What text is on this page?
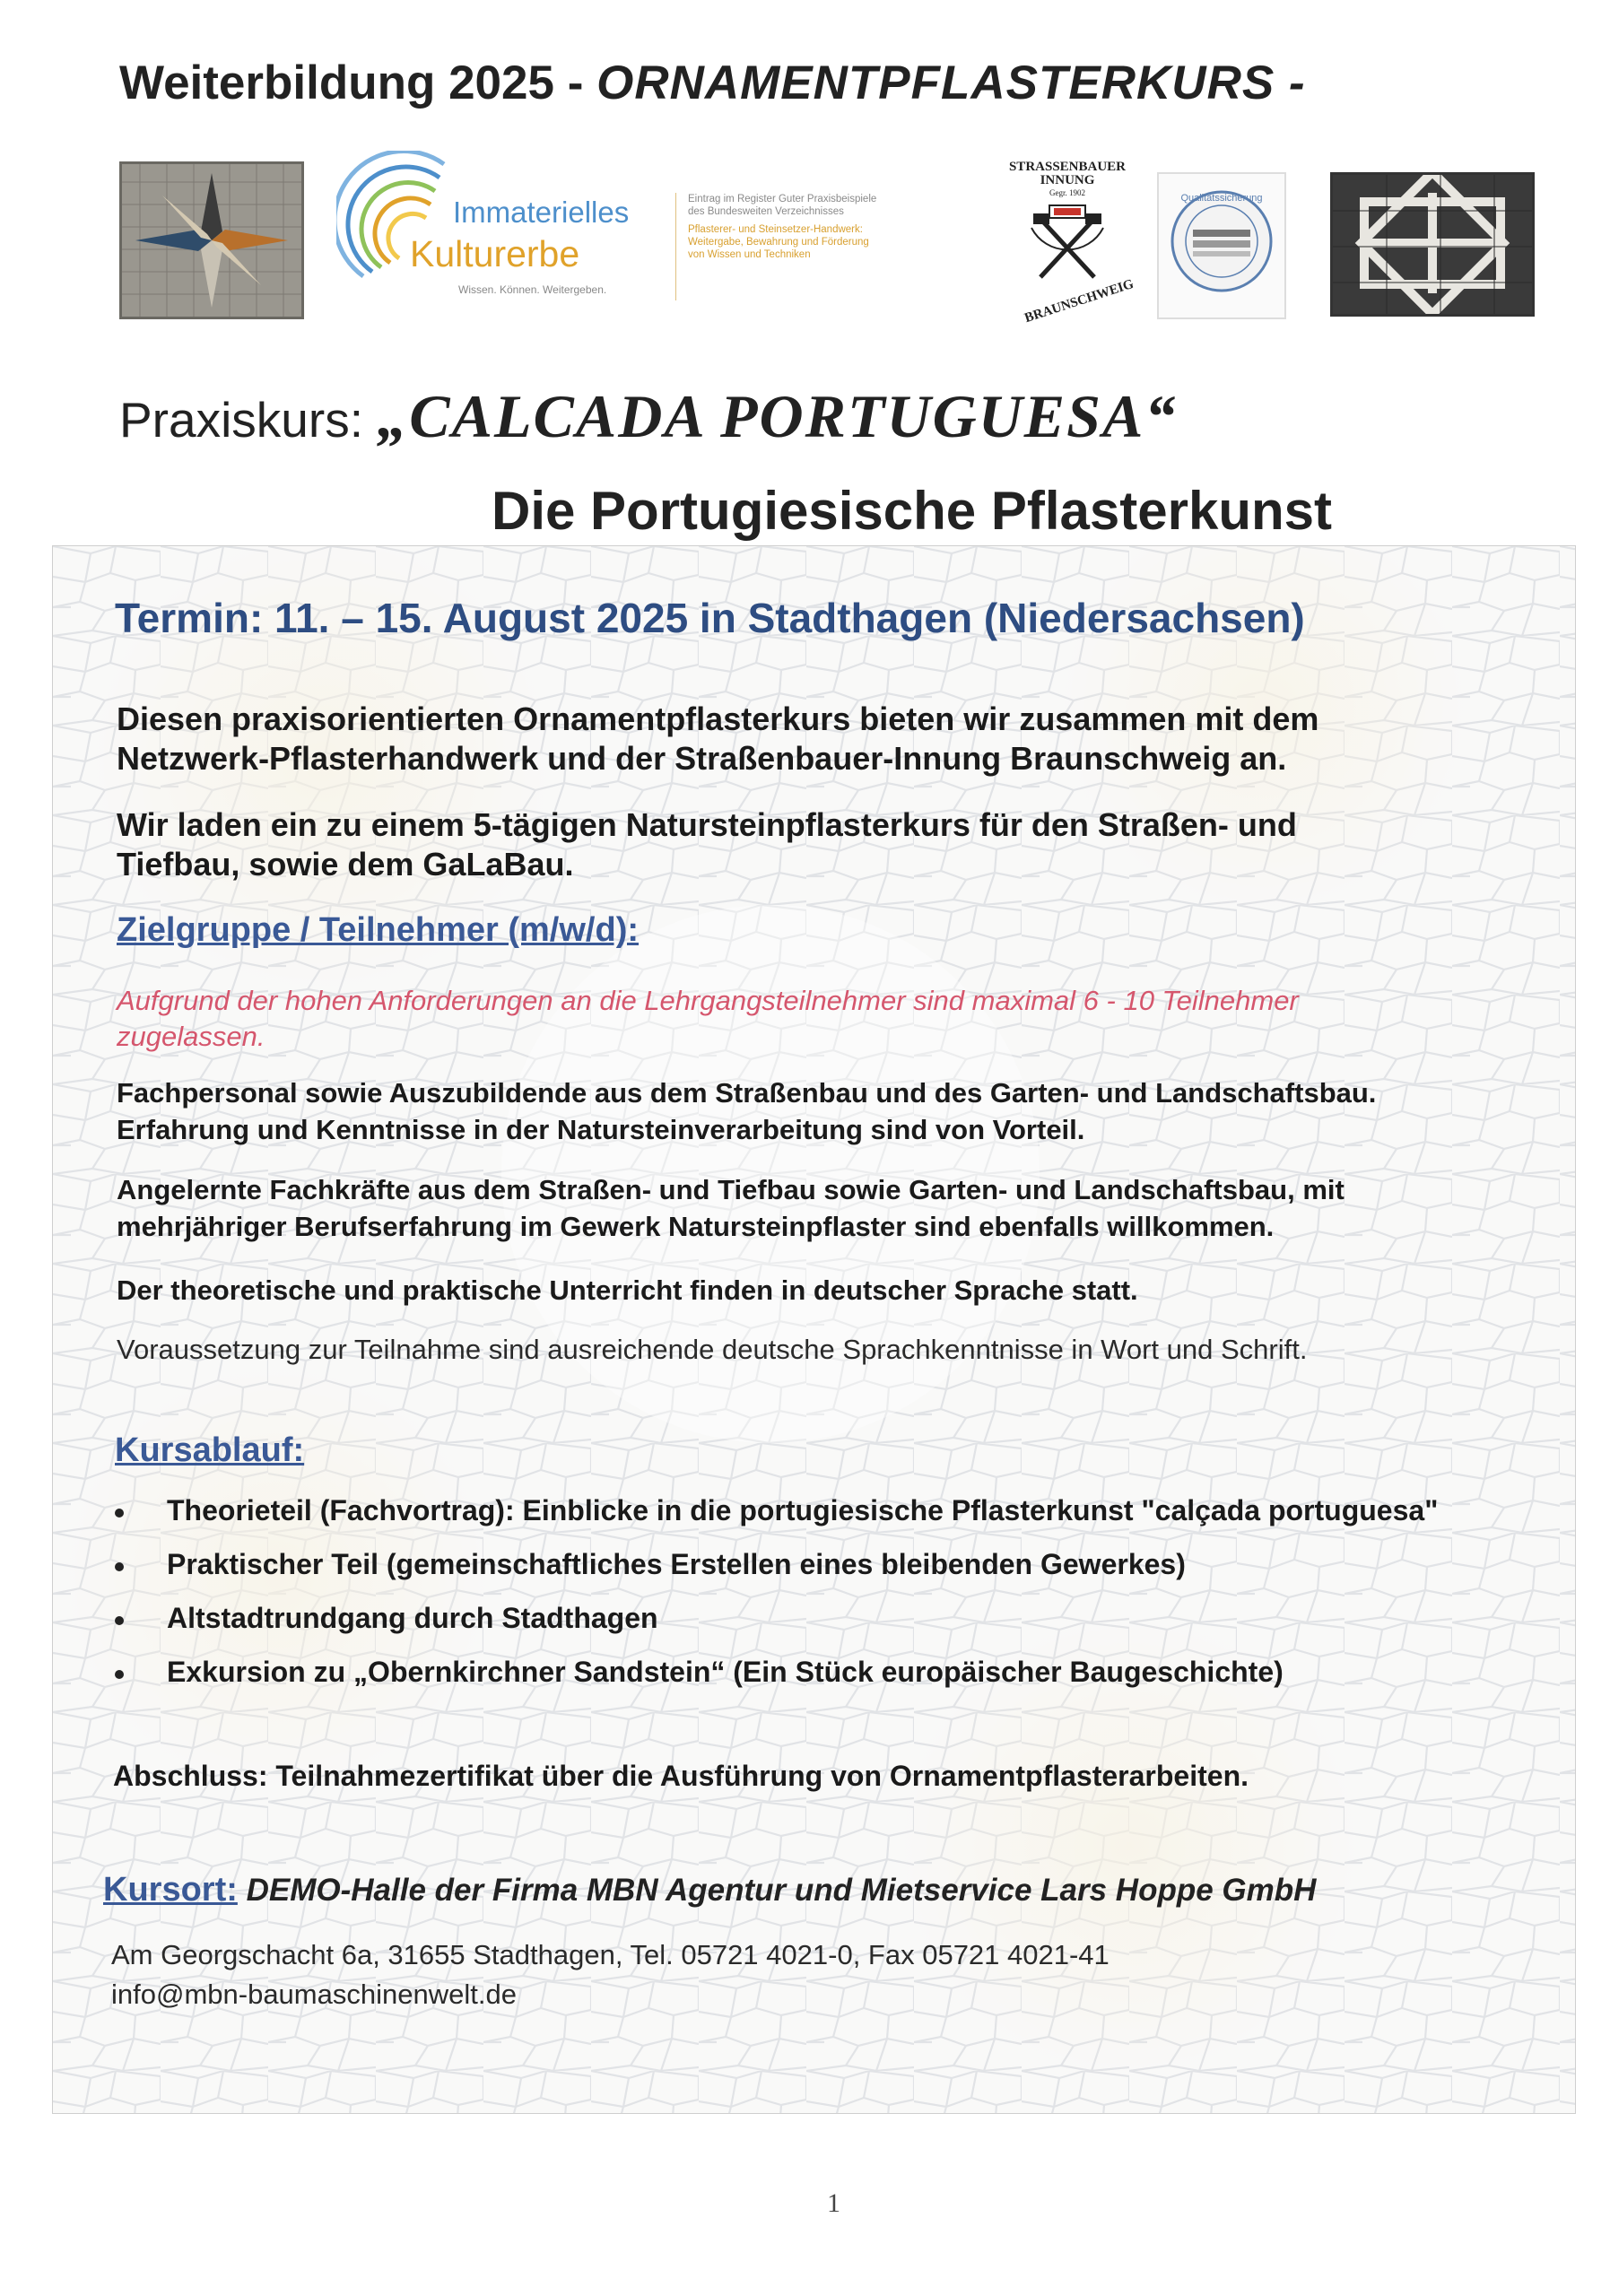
Weiterbildung 2025 - ORNAMENTPFLASTERKURS -
Immaterielles
Kulturerbe
Wissen. Können. Weitergeben.
Eintrag im Register Guter Praxisbeispiele
des Bundesweiten Verzeichnisses
Pflasterer- und Steinsetzer-Handwerk:
Weitergabe, Bewahrung und Förderung
von Wissen und Techniken
STRASSENBAUER
INNUNG
Gegr. 1902
BRAUNSCHWEIG
Qualitätssicherung
Praxiskurs: „CALCADA PORTUGUESA“
Die Portugiesische Pflasterkunst
Termin: 11. – 15. August 2025 in Stadthagen (Niedersachsen)
Diesen praxisorientierten Ornamentpflasterkurs bieten wir zusammen mit dem
Netzwerk-Pflasterhandwerk und der Straßenbauer-Innung Braunschweig an.
Wir laden ein zu einem 5-tägigen Natursteinpflasterkurs für den Straßen- und
Tiefbau, sowie dem GaLaBau.
Zielgruppe / Teilnehmer (m/w/d):
Aufgrund der hohen Anforderungen an die Lehrgangsteilnehmer sind maximal 6 - 10 Teilnehmer
zugelassen.
Fachpersonal sowie Auszubildende aus dem Straßenbau und des Garten- und Landschaftsbau.
Erfahrung und Kenntnisse in der Natursteinverarbeitung sind von Vorteil.
Angelernte Fachkräfte aus dem Straßen- und Tiefbau sowie Garten- und Landschaftsbau, mit
mehrjähriger Berufserfahrung im Gewerk Natursteinpflaster sind ebenfalls willkommen.
Der theoretische und praktische Unterricht finden in deutscher Sprache statt.
Voraussetzung zur Teilnahme sind ausreichende deutsche Sprachkenntnisse in Wort und Schrift.
Kursablauf:
Theorieteil (Fachvortrag): Einblicke in die portugiesische Pflasterkunst "calçada portuguesa"
Praktischer Teil (gemeinschaftliches Erstellen eines bleibenden Gewerkes)
Altstadtrundgang durch Stadthagen
Exkursion zu „Obernkirchner Sandstein“ (Ein Stück europäischer Baugeschichte)
Abschluss: Teilnahmezertifikat über die Ausführung von Ornamentpflasterarbeiten.
Kursort: DEMO-Halle der Firma MBN Agentur und Mietservice Lars Hoppe GmbH
Am Georgschacht 6a, 31655 Stadthagen, Tel. 05721 4021-0, Fax 05721 4021-41
info@mbn-baumaschinenwelt.de
1
